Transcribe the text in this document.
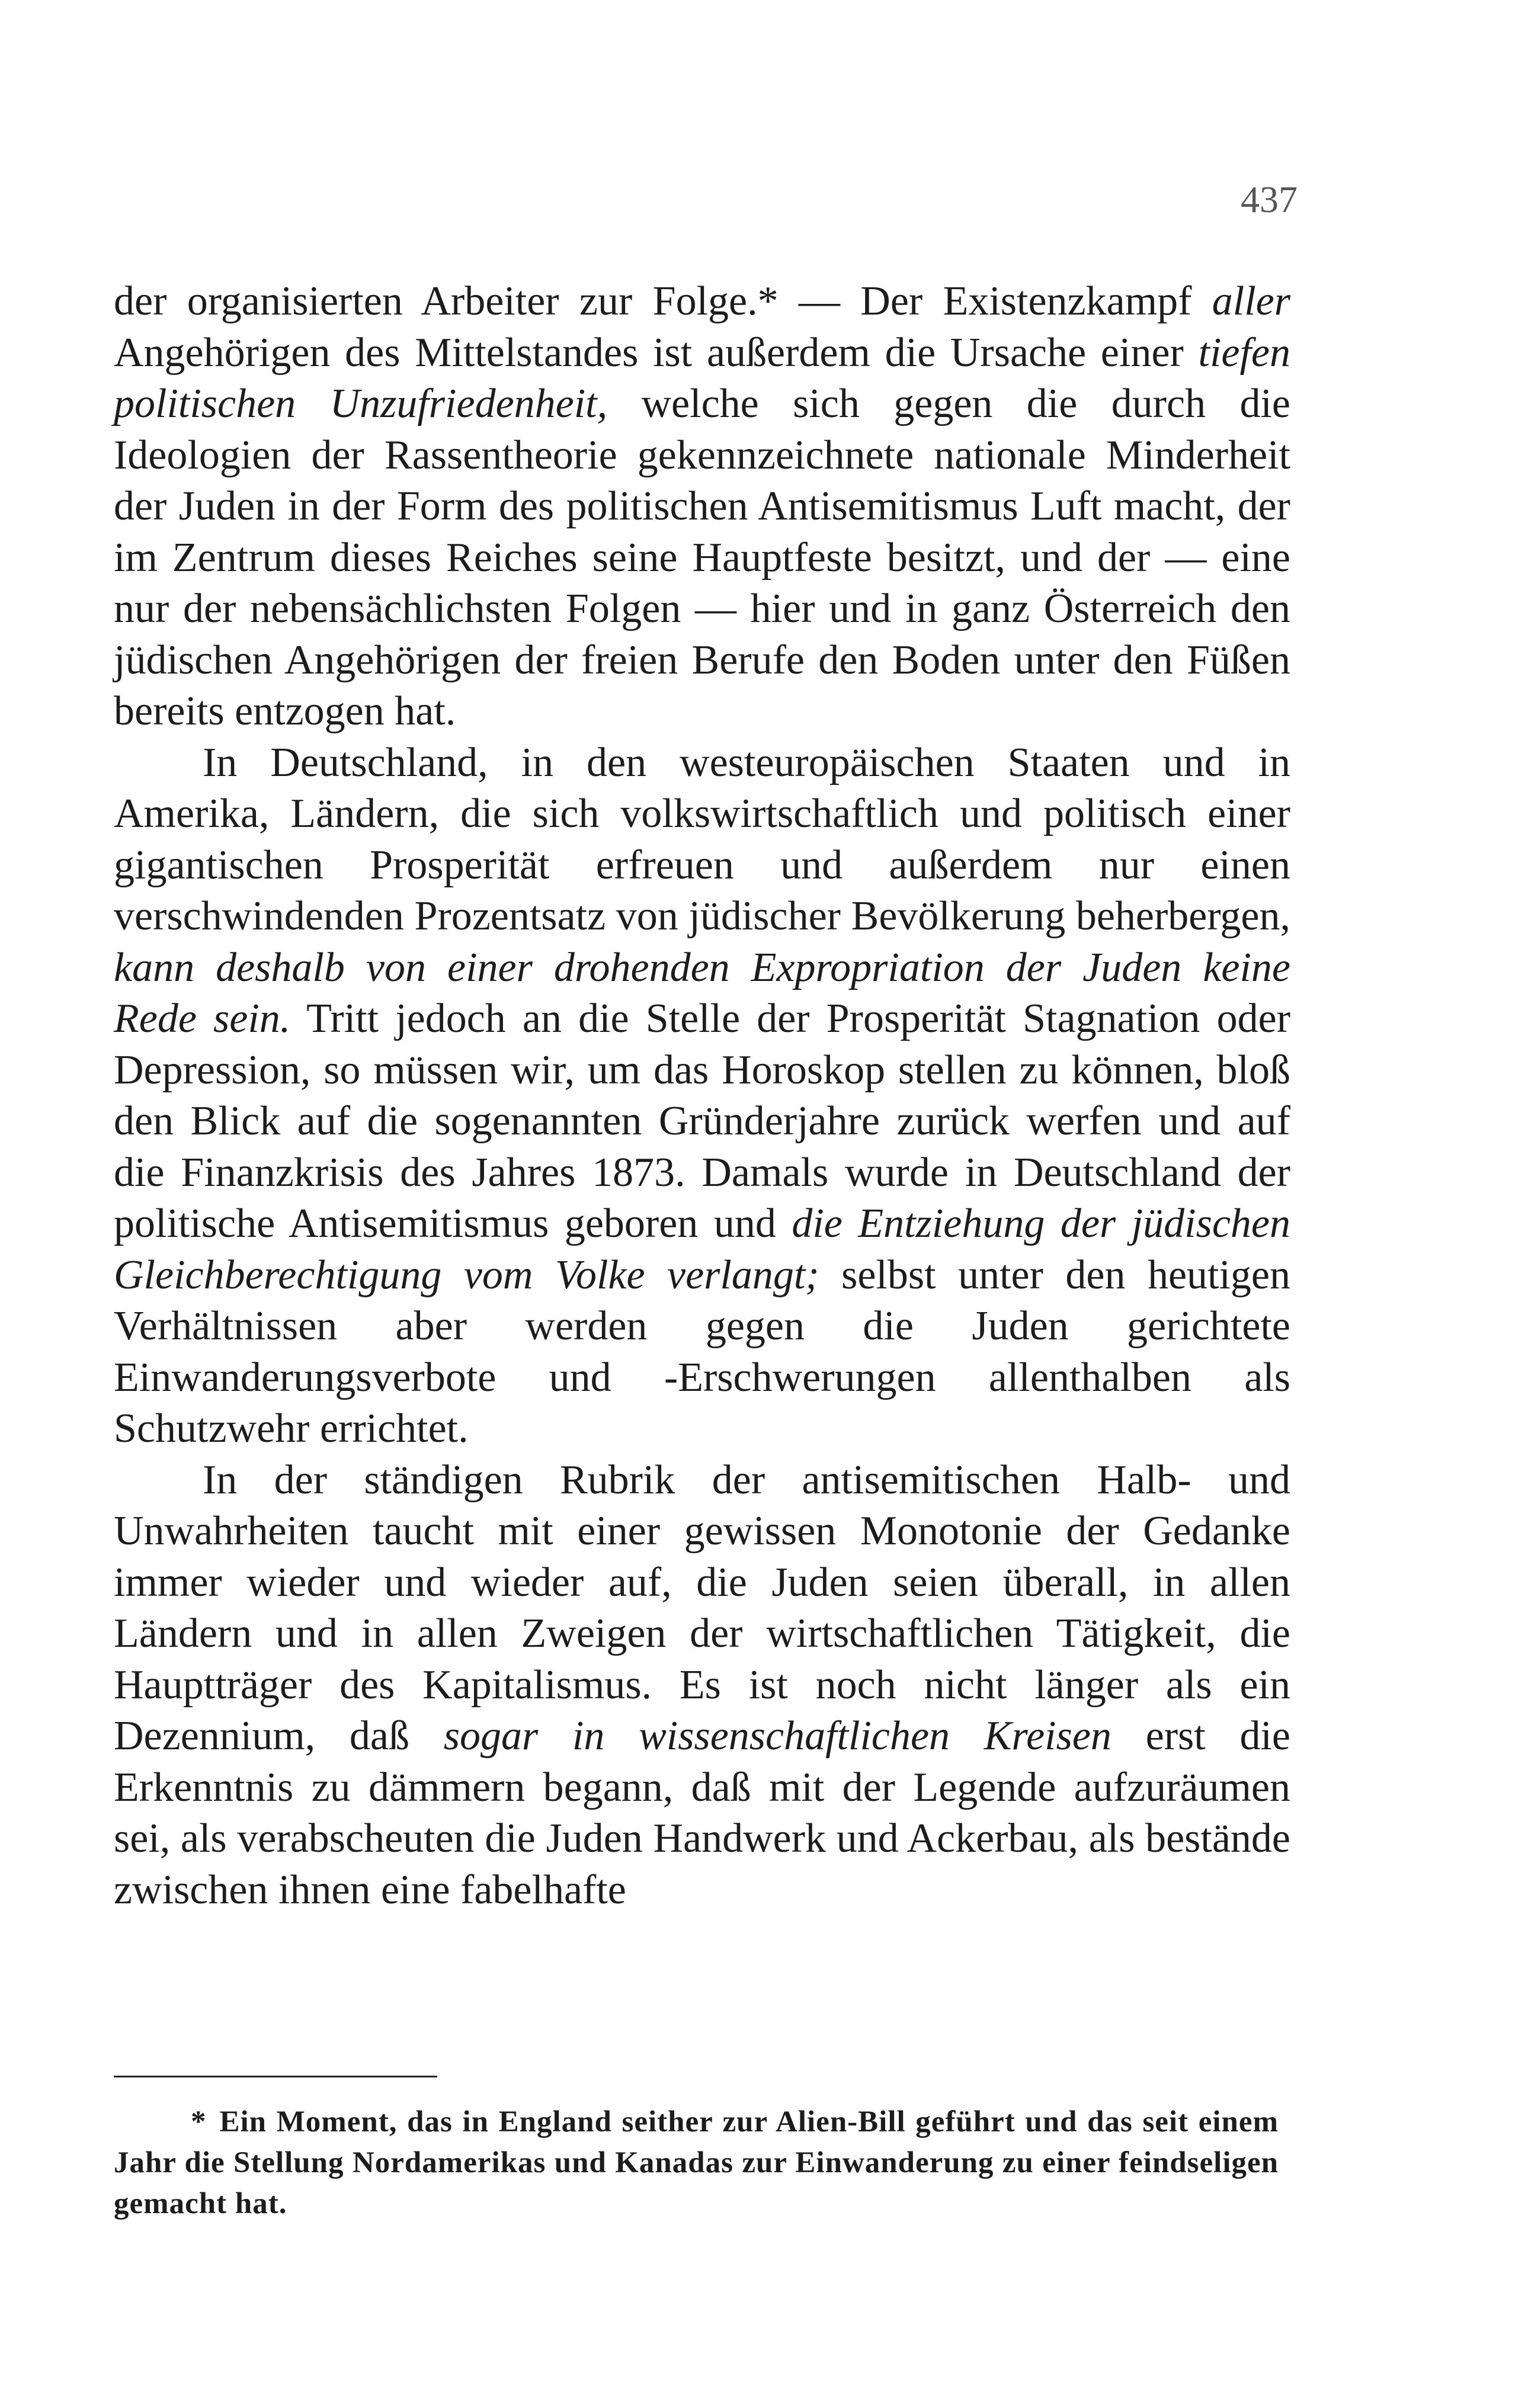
437

der organisierten Arbeiter zur Folge.* — Der Existenzkampf aller Angehörigen des Mittelstandes ist außerdem die Ursache einer tiefen politischen Unzufriedenheit, welche sich gegen die durch die Ideologien der Rassentheorie gekennzeichnete nationale Minderheit der Juden in der Form des politischen Antisemitismus Luft macht, der im Zentrum dieses Reiches seine Hauptfeste besitzt, und der — eine nur der nebensächlichsten Folgen — hier und in ganz Österreich den jüdischen Angehörigen der freien Berufe den Boden unter den Füßen bereits entzogen hat.

In Deutschland, in den westeuropäischen Staaten und in Amerika, Ländern, die sich volkswirtschaftlich und politisch einer gigantischen Prosperität erfreuen und außerdem nur einen verschwindenden Prozentsatz von jüdischer Bevölkerung beherbergen, kann deshalb von einer drohenden Expropriation der Juden keine Rede sein. Tritt jedoch an die Stelle der Prosperität Stagnation oder Depression, so müssen wir, um das Horoskop stellen zu können, bloß den Blick auf die sogenannten Gründerjahre zurück werfen und auf die Finanzkrisis des Jahres 1873. Damals wurde in Deutschland der politische Antisemitismus geboren und die Entziehung der jüdischen Gleichberechtigung vom Volke verlangt; selbst unter den heutigen Verhältnissen aber werden gegen die Juden gerichtete Einwanderungsverbote und -Erschwerungen allenthalben als Schutzwehr errichtet.

In der ständigen Rubrik der antisemitischen Halb- und Unwahrheiten taucht mit einer gewissen Monotonie der Gedanke immer wieder und wieder auf, die Juden seien überall, in allen Ländern und in allen Zweigen der wirtschaftlichen Tätigkeit, die Hauptträger des Kapitalismus. Es ist noch nicht länger als ein Dezennium, daß sogar in wissenschaftlichen Kreisen erst die Erkenntnis zu dämmern begann, daß mit der Legende aufzuräumen sei, als verabscheuten die Juden Handwerk und Ackerbau, als bestände zwischen ihnen eine fabelhafte

* Ein Moment, das in England seither zur Alien-Bill geführt und das seit einem Jahr die Stellung Nordamerikas und Kanadas zur Einwanderung zu einer feindseligen gemacht hat.
